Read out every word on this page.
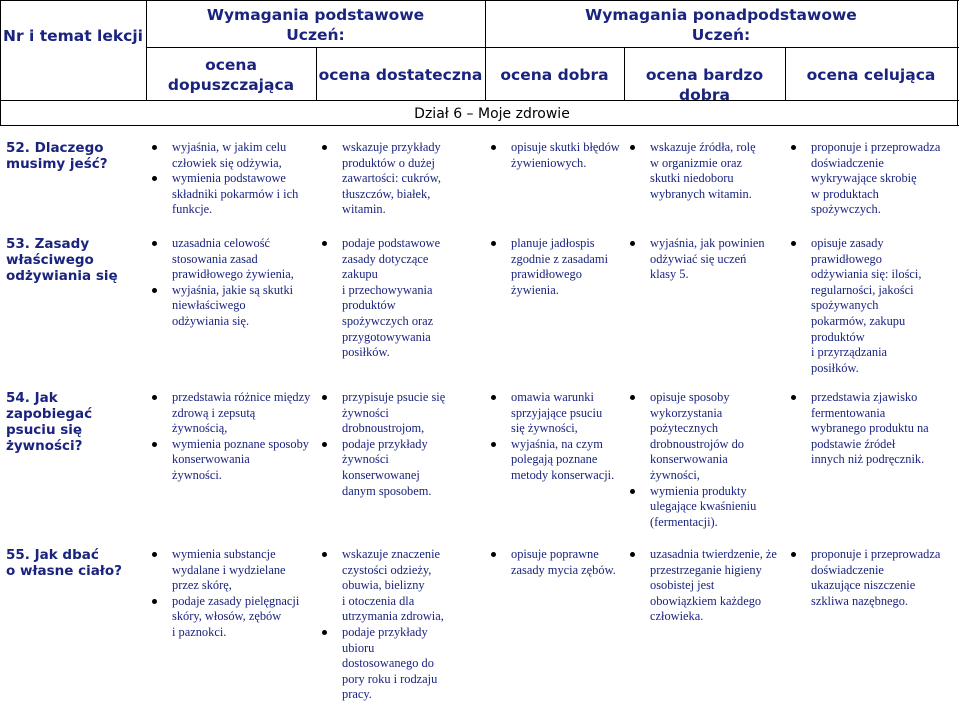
Nr i temat lekcji
Wymagania podstawowe
Uczeń:
Wymagania ponadpodstawowe
Uczeń:
ocena
dopuszczająca
ocena dostateczna	ocena dobra	ocena bardzo dobra
ocena celująca
Dział 6 – Moje zdrowie
52. Dlaczego
musimy jeść?
wyjaśnia, w jakim celu
człowiek się odżywia,
wymienia podstawowe
składniki pokarmów i ich
funkcje.
wskazuje przykłady
produktów o dużej
zawartości: cukrów,
tłuszczów, białek,
witamin.
opisuje skutki błędów
żywieniowych.
wskazuje źródła, rolę
w organizmie oraz
skutki niedoboru
wybranych witamin.
proponuje i przeprowadza
doświadczenie
wykrywające skrobię
w produktach
spożywczych.
53. Zasady
właściwego
odżywiania się
uzasadnia celowość
stosowania zasad
prawidłowego żywienia,
wyjaśnia, jakie są skutki
niewłaściwego
odżywiania się.
podaje podstawowe
zasady dotyczące
zakupu
i przechowywania
produktów
spożywczych oraz
przygotowywania
posiłków.
planuje jadłospis
zgodnie z zasadami
prawidłowego
żywienia.
wyjaśnia, jak powinien
odżywiać się uczeń
klasy 5.
opisuje zasady
prawidłowego
odżywiania się: ilości,
regularności, jakości
spożywanych
pokarmów, zakupu
produktów
i przyrządzania
posiłków.
54. Jak zapobiegać
psuciu się
żywności?
przedstawia różnice między
zdrową i zepsutą
żywnością,
wymienia poznane sposoby
konserwowania
żywności.
przypisuje psucie się
żywności
drobnoustrojom,
podaje przykłady
żywności
konserwowanej
danym sposobem.
omawia warunki
sprzyjające psuciu
się żywności,
wyjaśnia, na czym
polegają poznane
metody konserwacji.
opisuje sposoby
wykorzystania
pożytecznych
drobnoustrojów do
konserwowania
żywności,
wymienia produkty
ulegające kwaśnieniu
(fermentacji).
przedstawia zjawisko
fermentowania
wybranego produktu na
podstawie źródeł
innych niż podręcznik.
55. Jak dbać
o własne ciało?
wymienia substancje
wydalane i wydzielane
przez skórę,
podaje zasady pielęgnacji
skóry, włosów, zębów
i paznokci.
wskazuje znaczenie
czystości odzieży,
obuwia, bielizny
i otoczenia dla
utrzymania zdrowia,
podaje przykłady
ubioru
dostosowanego do
pory roku i rodzaju
pracy.
opisuje poprawne
zasady mycia zębów.
uzasadnia twierdzenie, że
przestrzeganie higieny
osobistej jest
obowiązkiem każdego
człowieka.
proponuje i przeprowadza
doświadczenie
ukazujące niszczenie
szkliwa nazębnego.
